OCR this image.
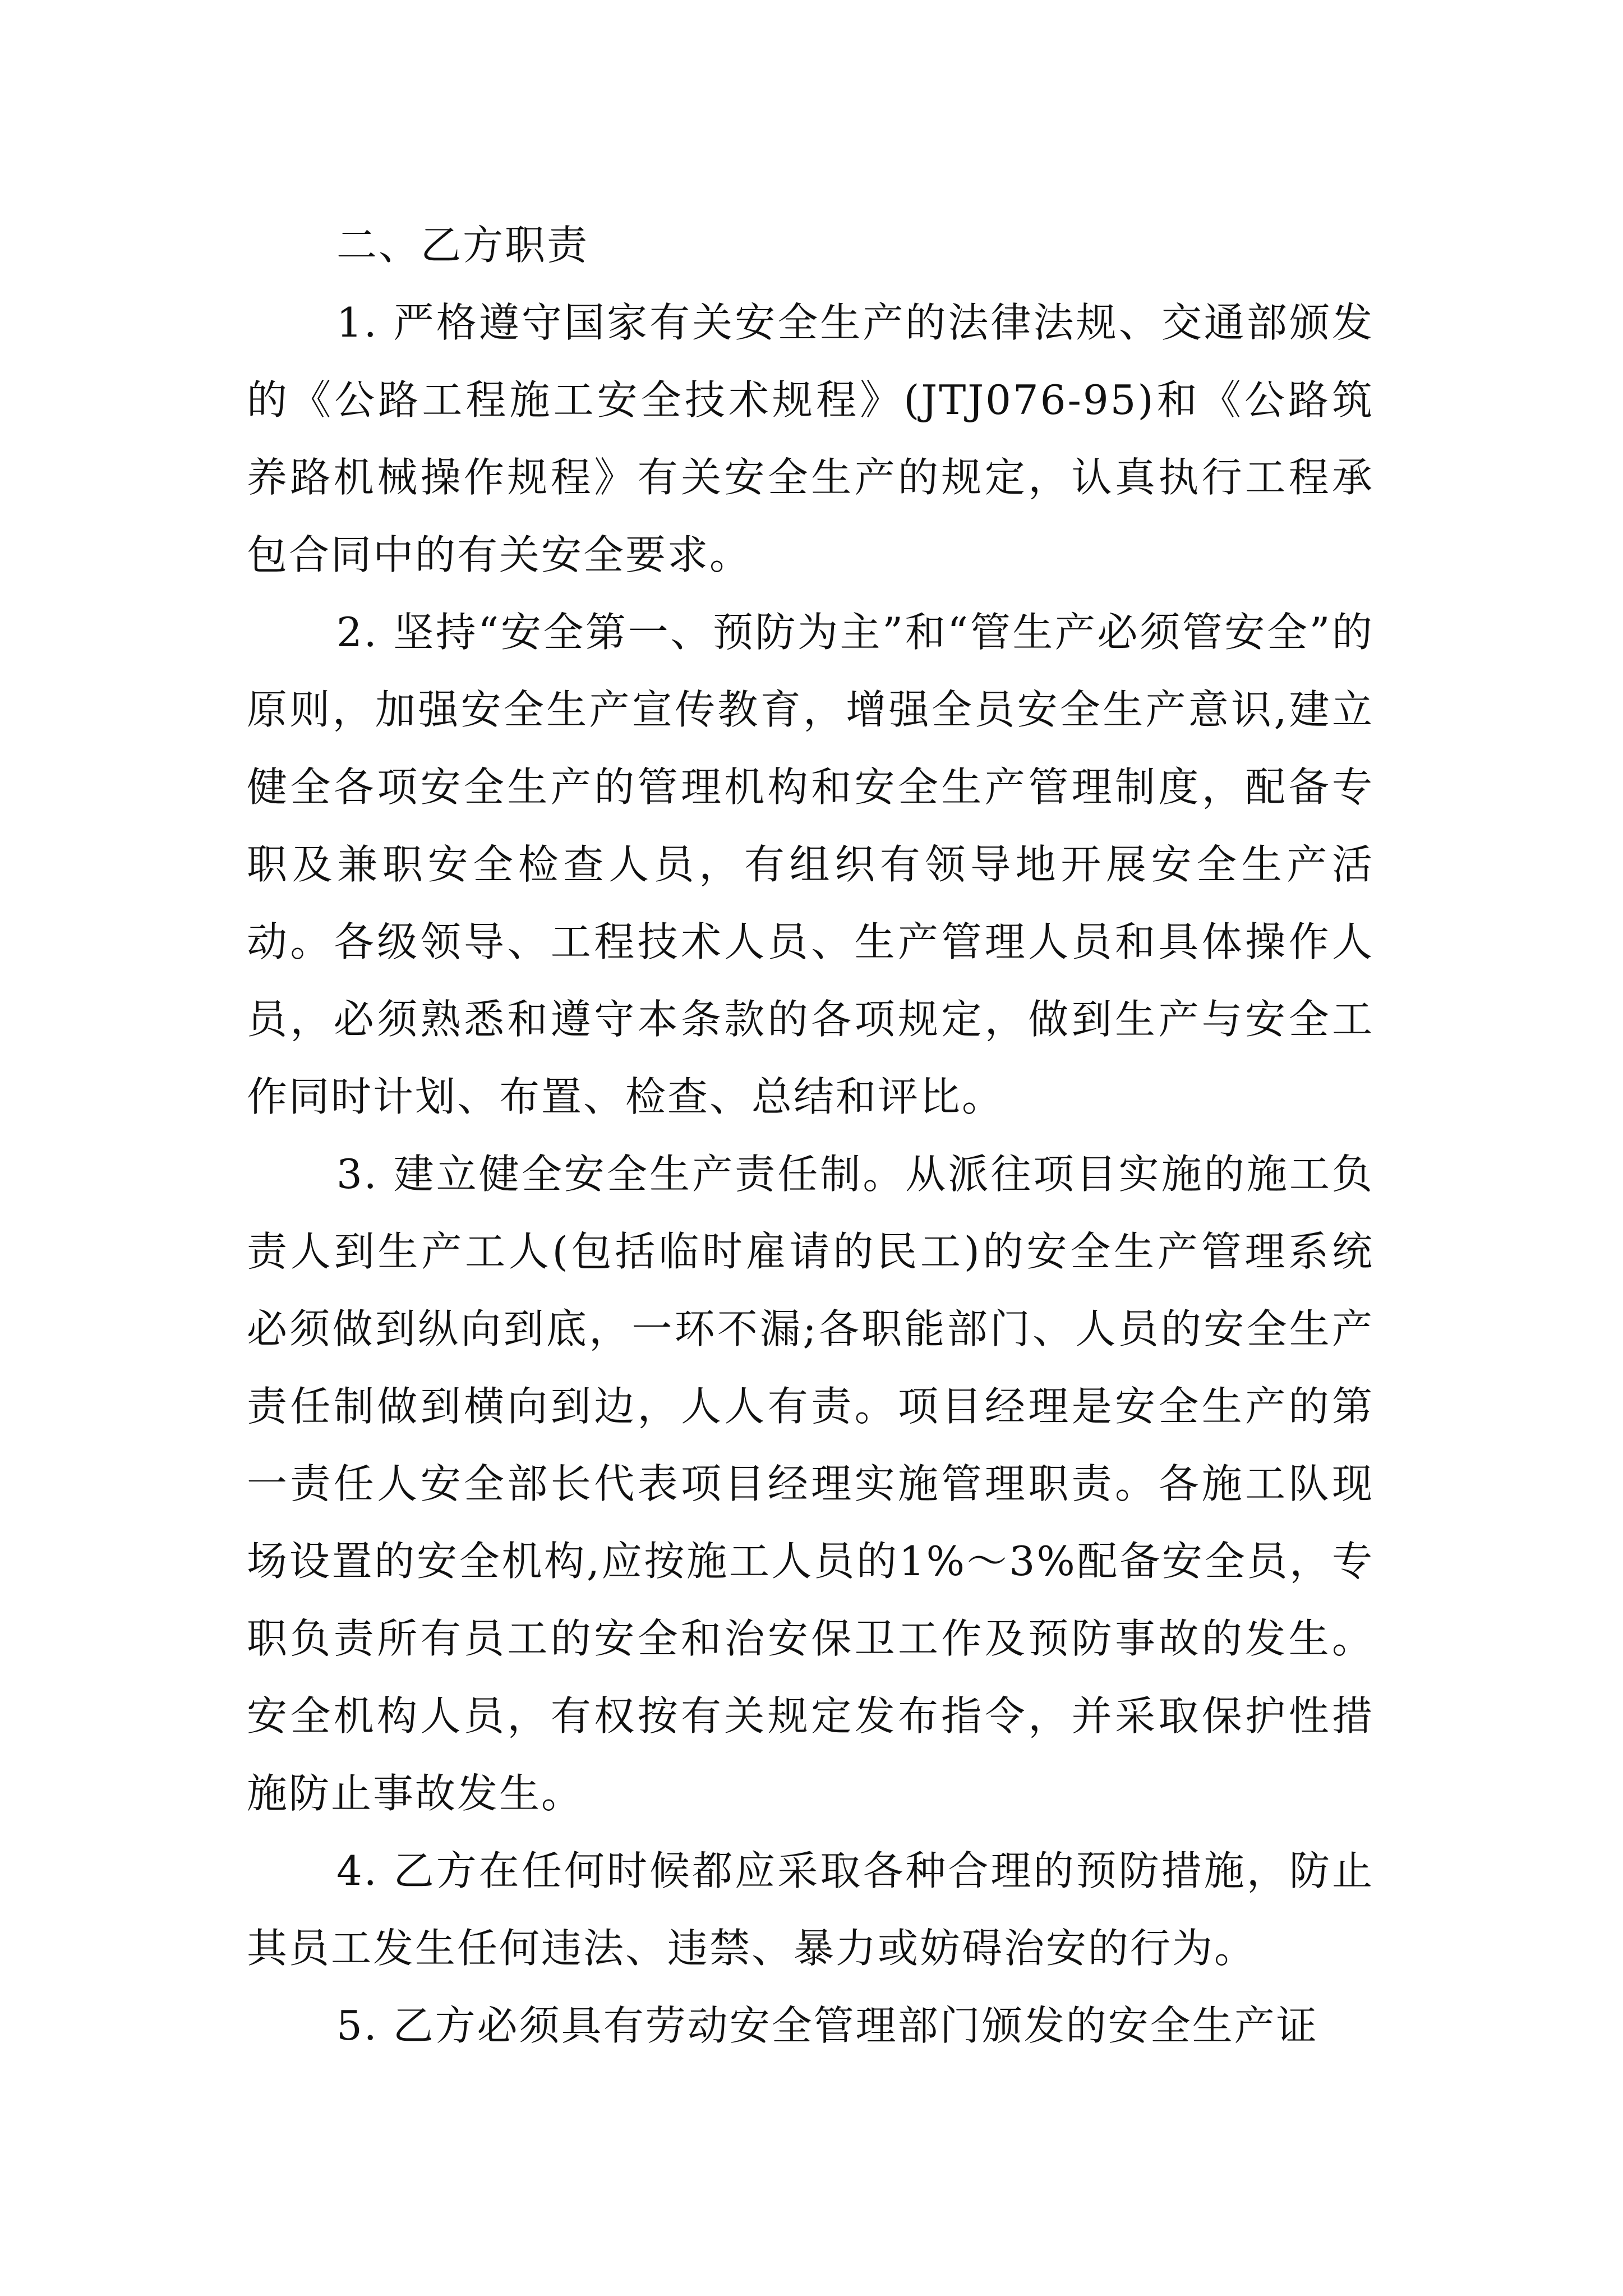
二、乙方职责

1. 严格遵守国家有关安全生产的法律法规、交通部颁发的《公路工程施工安全技术规程》(JTJ076-95)和《公路筑养路机械操作规程》有关安全生产的规定，认真执行工程承包合同中的有关安全要求。

2. 坚持“安全第一、预防为主”和“管生产必须管安全”的原则，加强安全生产宣传教育，增强全员安全生产意识,建立健全各项安全生产的管理机构和安全生产管理制度，配备专职及兼职安全检查人员，有组织有领导地开展安全生产活动。各级领导、工程技术人员、生产管理人员和具体操作人员，必须熟悉和遵守本条款的各项规定，做到生产与安全工作同时计划、布置、检查、总结和评比。

3. 建立健全安全生产责任制。从派往项目实施的施工负责人到生产工人(包括临时雇请的民工)的安全生产管理系统必须做到纵向到底，一环不漏;各职能部门、人员的安全生产责任制做到横向到边，人人有责。项目经理是安全生产的第一责任人安全部长代表项目经理实施管理职责。各施工队现场设置的安全机构,应按施工人员的1%～3%配备安全员，专职负责所有员工的安全和治安保卫工作及预防事故的发生。安全机构人员，有权按有关规定发布指令，并采取保护性措施防止事故发生。

4. 乙方在任何时候都应采取各种合理的预防措施，防止其员工发生任何违法、违禁、暴力或妨碍治安的行为。

5. 乙方必须具有劳动安全管理部门颁发的安全生产证
